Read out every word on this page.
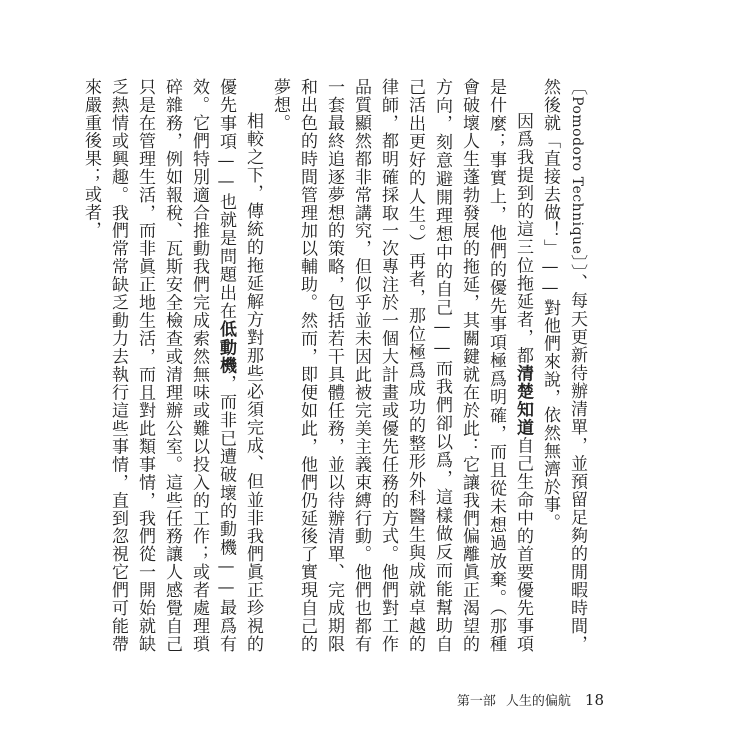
〔Pomodoro Technique〕〕、每天更新待辦清單，並預留足夠的閒暇時間，然後就「直接去做！」——對他們來說，依然無濟於事。

因爲我提到的這三位拖延者，都清楚知道自己生命中的首要優先事項是什麼；事實上，他們的優先事項極爲明確，而且從未想過放棄。（那種會破壞人生蓬勃發展的拖延，其關鍵就在於此：它讓我們偏離眞正渴望的方向，刻意避開理想中的自己——而我們卻以爲，這樣做反而能幫助自己活出更好的人生。）再者，那位極爲成功的整形外科醫生與成就卓越的律師，都明確採取一次專注於一個大計畫或優先任務的方式。他們對工作品質顯然都非常講究，但似乎並未因此被完美主義束縛行動。他們也都有一套最終追逐夢想的策略，包括若干具體任務，並以待辦清單、完成期限和出色的時間管理加以輔助。然而，即便如此，他們仍延後了實現自己的夢想。

相較之下，傳統的拖延解方對那些必須完成、但並非我們眞正珍視的優先事項——也就是問題出在低動機，而非已遭破壞的動機——最爲有效。它們特別適合推動我們完成索然無味或難以投入的工作；或者處理瑣碎雜務，例如報稅、瓦斯安全檢查或清理辦公室。這些任務讓人感覺自己只是在管理生活，而非眞正地生活，而且對此類事情，我們從一開始就缺乏熱情或興趣。我們常常缺乏動力去執行這些事情，直到忽視它們可能帶來嚴重後果；或者，

第一部 人生的偏航 18
